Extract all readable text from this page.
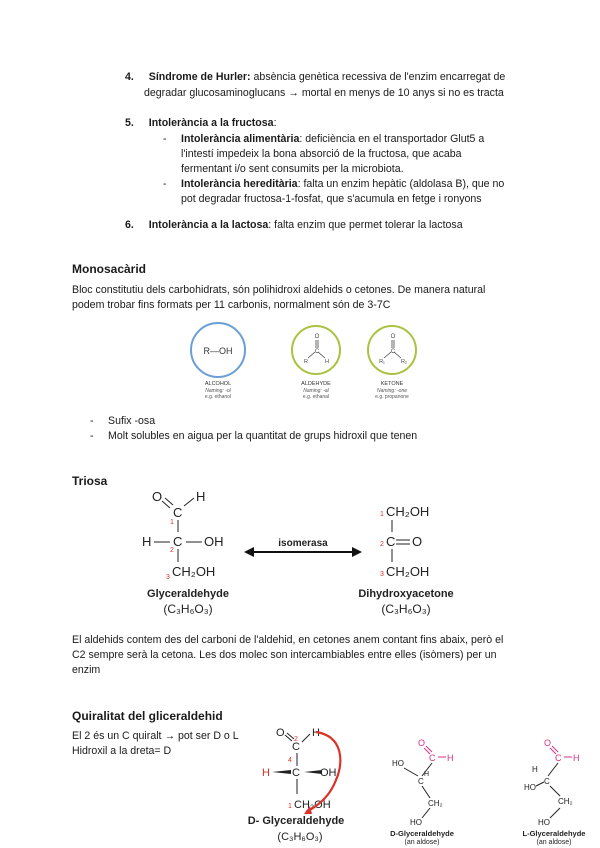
4. Síndrome de Hurler: absència genètica recessiva de l'enzim encarregat de
degradar glucosaminoglucans → mortal en menys de 10 anys si no es tracta
5. Intolerància a la fructosa:
- Intolerància alimentària: deficiència en el transportador Glut5 a
l'intestí impedeix la bona absorció de la fructosa, que acaba
fermentant i/o sent consumits per la microbiota.
- Intolerància hereditària: falta un enzim hepàtic (aldolasa B), que no
pot degradar fructosa-1-fosfat, que s'acumula en fetge i ronyons
6. Intolerància a la lactosa: falta enzim que permet tolerar la lactosa
Monosacàrid
Bloc constitutiu dels carbohidrats, són polihidroxi aldehids o cetones. De manera natural
podem trobar fins formats per 11 carbonis, normalment són de 3-7C
R—OH
ALCOHOL
Naming: -ol
e.g. ethanol
O
C
R	H
ALDEHYDE
Naming: -al
e.g. ethanal
O
C
R₁	R₂
KETONE
Naming: -one
e.g. propanone
- Sufix -osa
- Molt solubles en aigua per la quantitat de grups hidroxil que tenen
Triosa
O	H
C
1
H
2
C OH
3 CH₂OH
Glyceraldehyde
(C₃H₆O₃)
isomerasa
1 CH₂OH
2 C O
3 CH₂OH
Dihydroxyacetone
(C₃H₆O₃)
El aldehids contem des del carboni de l'aldehid, en cetones anem contant fins abaix, però el
C2 sempre serà la cetona. Les dos molec son intercambiables entre elles (isòmers) per un
enzim
Quiralitat del gliceraldehid
El 2 és un C quiralt → pot ser D o L
Hidroxil a la dreta= D
O
C
2
H
4
H C OH
1 CH₂OH
D- Glyceraldehyde
(C₃H₆O₃)
O
C H
HO
C
H
CH₂
HO
D-Glyceraldehyde
(an aldose)
O
C H
H
C
HO
CH₂
HO
L-Glyceraldehyde
(an aldose)
